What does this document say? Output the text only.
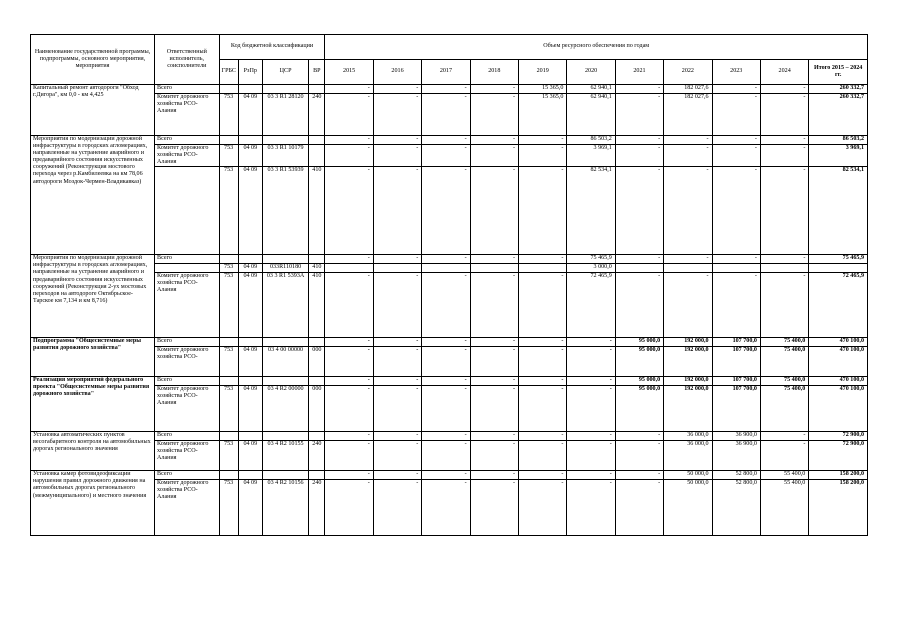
Наименование государственной программы, подпрограммы, основного мероприятия, мероприятия	Ответственный исполнитель, соисполнители	Код бюджетной классификации				Объем ресурсного обеспечения по годам										
		ГРБС	РзПр	ЦСР	ВР	2015	2016	2017	2018	2019	2020	2021	2022	2023	2024	Итого 2015 – 2024 гг.
Капитальный ремонт автодороги "Обход г.Дигора", км 0,0 - км 4,425	Всего					-	-	-	-	15 365,0	62 940,1	-	182 027,6	-	-	260 332,7
	Комитет дорожного хозяйства РСО-Алания	753	04 09	03 3 R1 28120	240	-	-	-	-	15 365,0	62 940,1	-	182 027,6	-	-	260 332,7
Мероприятия по модернизации дорожной инфраструктуры в городских агломерациях, направленные на устранение аварийного и предаварийного состояния искусственных сооружений (Реконструкция мостового перехода через р.Камбилеевка на км 78,06 автодороги Моздок-Чермен-Владикавказ)	Всего					-	-	-	-	-	86 503,2	-	-	-	-	86 503,2
	Комитет дорожного хозяйства РСО-Алания	753	04 09	03 3 R1 10179		-	-	-	-	-	3 969,1	-	-	-	-	3 969,1
		753	04 09	03 3 R1 53939	410	-	-	-	-	-	82 534,1	-	-	-	-	82 534,1
Мероприятия по модернизации дорожной инфраструктуры в городских агломерациях, направленные на устранение аварийного и предаварийного состояния искусственных сооружений (Реконструкция 2-ух мостовых переходов на автодороге Октябрьское-Тарское км 7,134 и км 8,716)	Всего					-	-	-	-	-	75 465,9	-	-	-	-	75 465,9
		753	04 09	033R110180	410						3 000,0					
	Комитет дорожного хозяйства РСО-Алания	753	04 09	03 3 R1 5393A	410	-	-	-	-	-	72 465,9	-	-	-	-	72 465,9
Подпрограмма "Общесистемные меры развития дорожного хозяйства"	Всего					-	-	-	-	-	-	95 000,0	192 000,0	107 700,0	75 400,0	470 100,0
	Комитет дорожного хозяйства РСО-	753	04 09	03 4 00 00000	000	-	-	-	-	-	-	95 000,0	192 000,0	107 700,0	75 400,0	470 100,0
Реализация мероприятий федерального проекта "Общесистемные меры развития дорожного хозяйства"	Всего					-	-	-	-	-	-	95 000,0	192 000,0	107 700,0	75 400,0	470 100,0
	Комитет дорожного хозяйства РСО-Алания	753	04 09	03 4 R2 00000	000	-	-	-	-	-	-	95 000,0	192 000,0	107 700,0	75 400,0	470 100,0
Установка автоматических пунктов весогабаритного контроля на автомобильных дорогах регионального значения	Всего					-	-	-	-	-	-	-	36 000,0	36 900,0	-	72 900,0
	Комитет дорожного хозяйства РСО-Алания	753	04 09	03 4 R2 10155	240	-	-	-	-	-	-	-	36 000,0	36 900,0	-	72 900,0
Установка камер фотовидеофиксации нарушения правил дорожного движения на автомобильных дорогах регионального (межмуниципального) и местного значения	Всего					-	-	-	-	-	-	-	50 000,0	52 800,0	55 400,0	158 200,0
	Комитет дорожного хозяйства РСО-Алания	753	04 09	03 4 R2 10156	240	-	-	-	-	-	-	-	50 000,0	52 800,0	55 400,0	158 200,0
